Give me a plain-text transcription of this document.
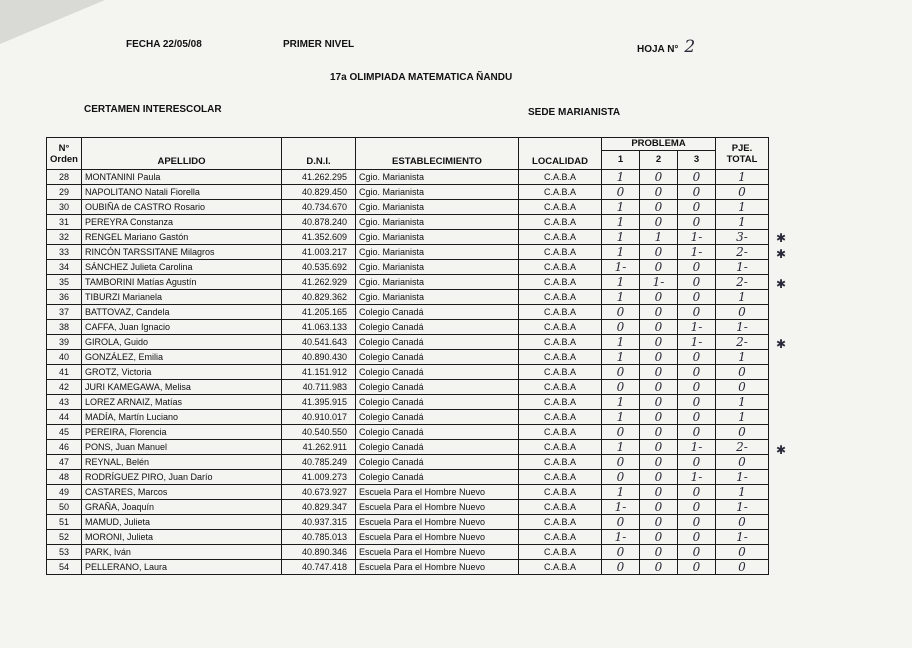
FECHA 22/05/08	PRIMER NIVEL	HOJA N° 2
17a OLIMPIADA MATEMATICA ÑANDU
CERTAMEN INTERESCOLAR	SEDE MARIANISTA
N° Orden	APELLIDO	D.N.I.	ESTABLECIMIENTO	LOCALIDAD	PROBLEMA			PJE. TOTAL
					1	2	3	
28	MONTANINI Paula	41.262.295	Cgio. Marianista	C.A.B.A	1	0	0	1
29	NAPOLITANO Natali Fiorella	40.829.450	Cgio. Marianista	C.A.B.A	0	0	0	0
30	OUBIÑA de CASTRO Rosario	40.734.670	Cgio. Marianista	C.A.B.A	1	0	0	1
31	PEREYRA Constanza	40.878.240	Cgio. Marianista	C.A.B.A	1	0	0	1
32	RENGEL Mariano Gastón	41.352.609	Cgio. Marianista	C.A.B.A	1	1	1-	3-
33	RINCÓN TARSSITANE Milagros	41.003.217	Cgio. Marianista	C.A.B.A	1	0	1-	2-
34	SÁNCHEZ Julieta Carolina	40.535.692	Cgio. Marianista	C.A.B.A	1-	0	0	1-
35	TAMBORINI Matías Agustín	41.262.929	Cgio. Marianista	C.A.B.A	1	1-	0	2-
36	TIBURZI Marianela	40.829.362	Cgio. Marianista	C.A.B.A	1	0	0	1
37	BATTOVAZ, Candela	41.205.165	Colegio Canadá	C.A.B.A	0	0	0	0
38	CAFFA, Juan Ignacio	41.063.133	Colegio Canadá	C.A.B.A	0	0	1-	1-
39	GIROLA, Guido	40.541.643	Colegio Canadá	C.A.B.A	1	0	1-	2-
40	GONZÁLEZ, Emilia	40.890.430	Colegio Canadá	C.A.B.A	1	0	0	1
41	GROTZ, Victoria	41.151.912	Colegio Canadá	C.A.B.A	0	0	0	0
42	JURI KAMEGAWA, Melisa	40.711.983	Colegio Canadá	C.A.B.A	0	0	0	0
43	LOREZ ARNAIZ, Matías	41.395.915	Colegio Canadá	C.A.B.A	1	0	0	1
44	MADÍA, Martín Luciano	40.910.017	Colegio Canadá	C.A.B.A	1	0	0	1
45	PEREIRA, Florencia	40.540.550	Colegio Canadá	C.A.B.A	0	0	0	0
46	PONS, Juan Manuel	41.262.911	Colegio Canadá	C.A.B.A	1	0	1-	2-
47	REYNAL, Belén	40.785.249	Colegio Canadá	C.A.B.A	0	0	0	0
48	RODRÍGUEZ PIRO, Juan Darío	41.009.273	Colegio Canadá	C.A.B.A	0	0	1-	1-
49	CASTARES, Marcos	40.673.927	Escuela Para el Hombre Nuevo	C.A.B.A	1	0	0	1
50	GRAÑA, Joaquín	40.829.347	Escuela Para el Hombre Nuevo	C.A.B.A	1-	0	0	1-
51	MAMUD, Julieta	40.937.315	Escuela Para el Hombre Nuevo	C.A.B.A	0	0	0	0
52	MORONI, Julieta	40.785.013	Escuela Para el Hombre Nuevo	C.A.B.A	1-	0	0	1-
53	PARK, Iván	40.890.346	Escuela Para el Hombre Nuevo	C.A.B.A	0	0	0	0
54	PELLERANO, Laura	40.747.418	Escuela Para el Hombre Nuevo	C.A.B.A	0	0	0	0
✱
✱
✱
✱
✱
